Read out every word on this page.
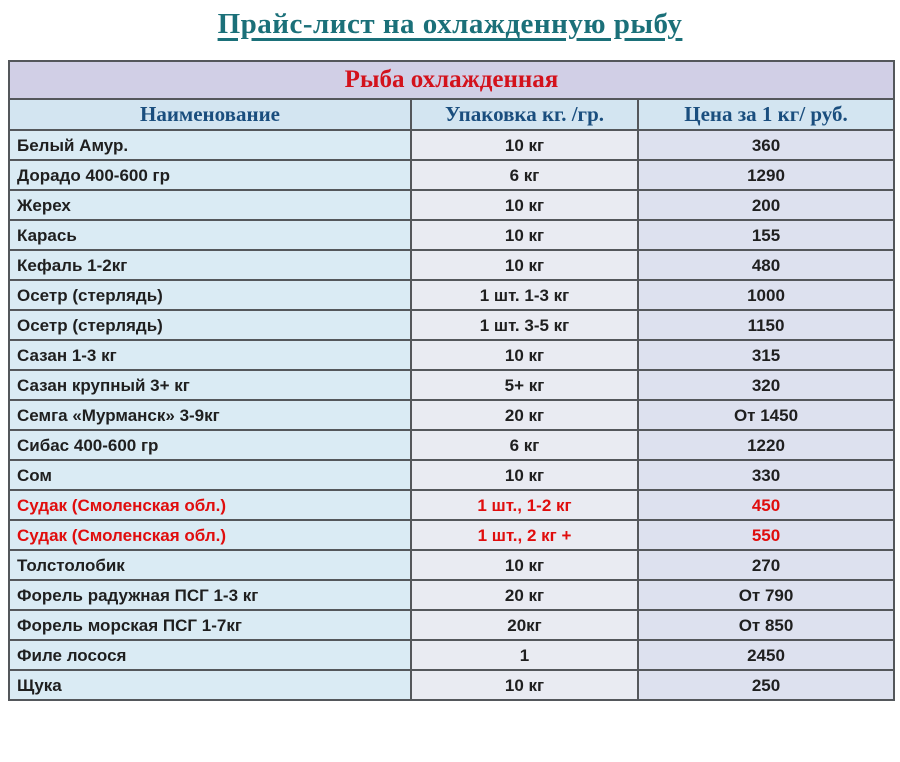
Прайс-лист на охлажденную рыбу
Рыба охлажденная		
Наименование	Упаковка кг. /гр.	Цена за 1 кг/ руб.
Белый Амур.	10 кг	360
Дорадо 400-600 гр	6 кг	1290
Жерех	10 кг	200
Карась	10 кг	155
Кефаль 1-2кг	10 кг	480
Осетр (стерлядь)	1 шт. 1-3 кг	1000
Осетр (стерлядь)	1 шт. 3-5 кг	1150
Сазан 1-3 кг	10 кг	315
Сазан крупный 3+ кг	5+ кг	320
Семга «Мурманск» 3-9кг	20 кг	От 1450
Сибас 400-600 гр	6 кг	1220
Сом	10 кг	330
Судак (Смоленская обл.)	1 шт., 1-2 кг	450
Судак (Смоленская обл.)	1 шт., 2 кг +	550
Толстолобик	10 кг	270
Форель радужная ПСГ 1-3 кг	20 кг	От 790
Форель морская ПСГ 1-7кг	20кг	От 850
Филе лосося	1	2450
Щука	10 кг	250
